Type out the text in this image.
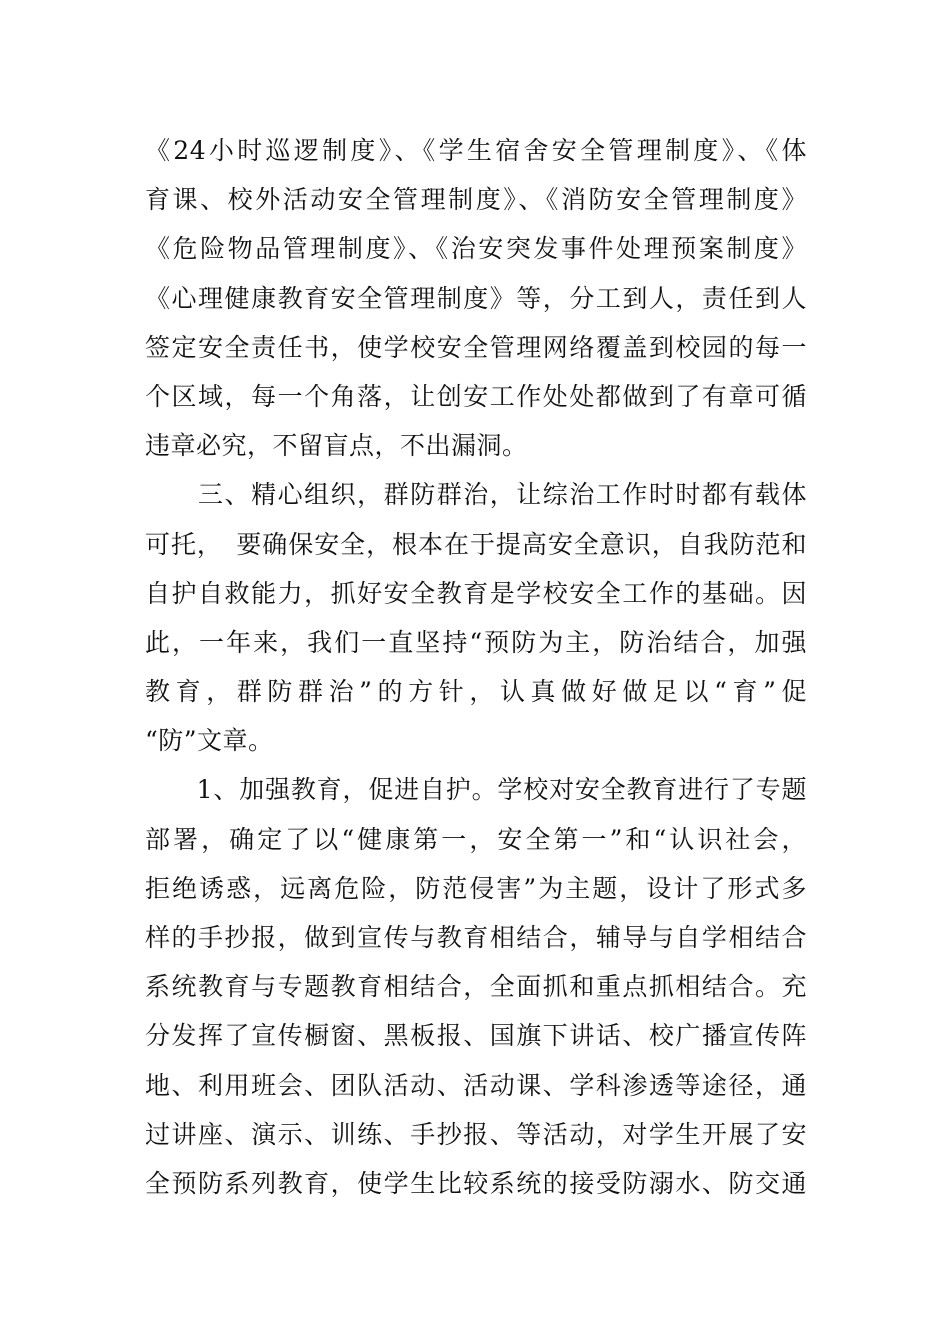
《24小时巡逻制度》、《学生宿舍安全管理制度》、《体
育课、校外活动安全管理制度》、《消防安全管理制度》
《危险物品管理制度》、《治安突发事件处理预案制度》
《心理健康教育安全管理制度》等，分工到人，责任到人
签定安全责任书，使学校安全管理网络覆盖到校园的每一
个区域，每一个角落，让创安工作处处都做到了有章可循
违章必究，不留盲点，不出漏洞。
　　三、精心组织，群防群治，让综治工作时时都有载体
可托，　要确保安全，根本在于提高安全意识，自我防范和
自护自救能力，抓好安全教育是学校安全工作的基础。因
此，一年来，我们一直坚持“预防为主，防治结合，加强
教育，群防群治”的方针，认真做好做足以“育”促
“防”文章。
　　1、加强教育，促进自护。学校对安全教育进行了专题
部署，确定了以“健康第一，安全第一”和“认识社会，
拒绝诱惑，远离危险，防范侵害”为主题，设计了形式多
样的手抄报，做到宣传与教育相结合，辅导与自学相结合
系统教育与专题教育相结合，全面抓和重点抓相结合。充
分发挥了宣传橱窗、黑板报、国旗下讲话、校广播宣传阵
地、利用班会、团队活动、活动课、学科渗透等途径，通
过讲座、演示、训练、手抄报、等活动，对学生开展了安
全预防系列教育，使学生比较系统的接受防溺水、防交通
